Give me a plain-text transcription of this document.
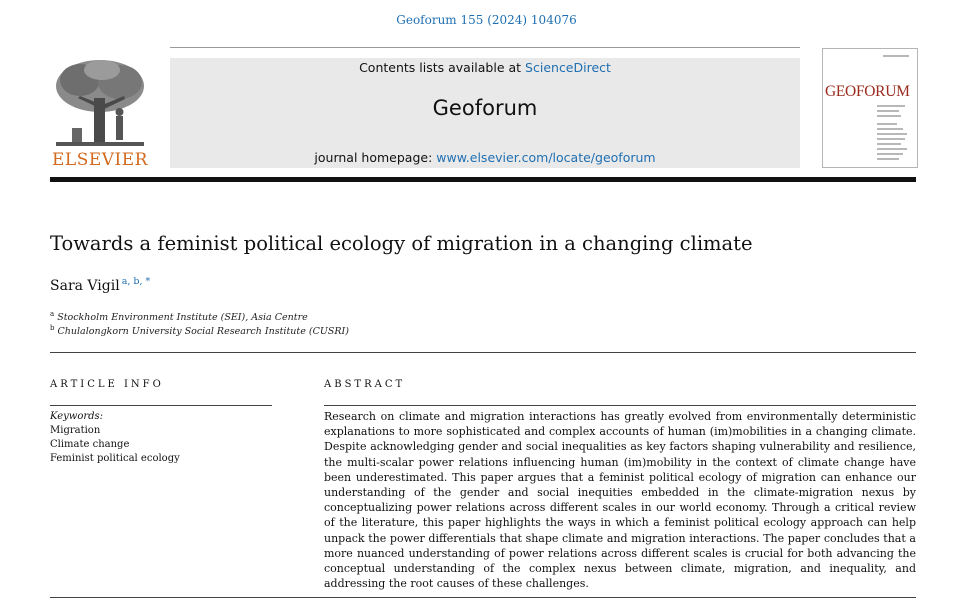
Geoforum 155 (2024) 104076
ELSEVIER
Contents lists available at ScienceDirect
Geoforum
journal homepage: www.elsevier.com/locate/geoforum
GEOFORUM
Towards a feminist political ecology of migration in a changing climate
Sara Vigil $^{a, b, *}$
$^a$ Stockholm Environment Institute (SEI), Asia Centre
$^b$ Chulalongkorn University Social Research Institute (CUSRI)
ARTICLE INFO	ABSTRACT
Keywords:
Migration
Climate change
Feminist political ecology
Research on climate and migration interactions has greatly evolved from environmentally deterministic explanations to more sophisticated and complex accounts of human (im)mobilities in a changing climate. Despite acknowledging gender and social inequalities as key factors shaping vulnerability and resilience, the multi-scalar power relations influencing human (im)mobility in the context of climate change have been underestimated. This paper argues that a feminist political ecology of migration can enhance our understanding of the gender and social inequities embedded in the climate-migration nexus by conceptualizing power relations across different scales in our world economy. Through a critical review of the literature, this paper highlights the ways in which a feminist political ecology approach can help unpack the power differentials that shape climate and migration interactions. The paper concludes that a more nuanced understanding of power relations across different scales is crucial for both advancing the conceptual understanding of the complex nexus between climate, migration, and inequality, and addressing the root causes of these challenges.
